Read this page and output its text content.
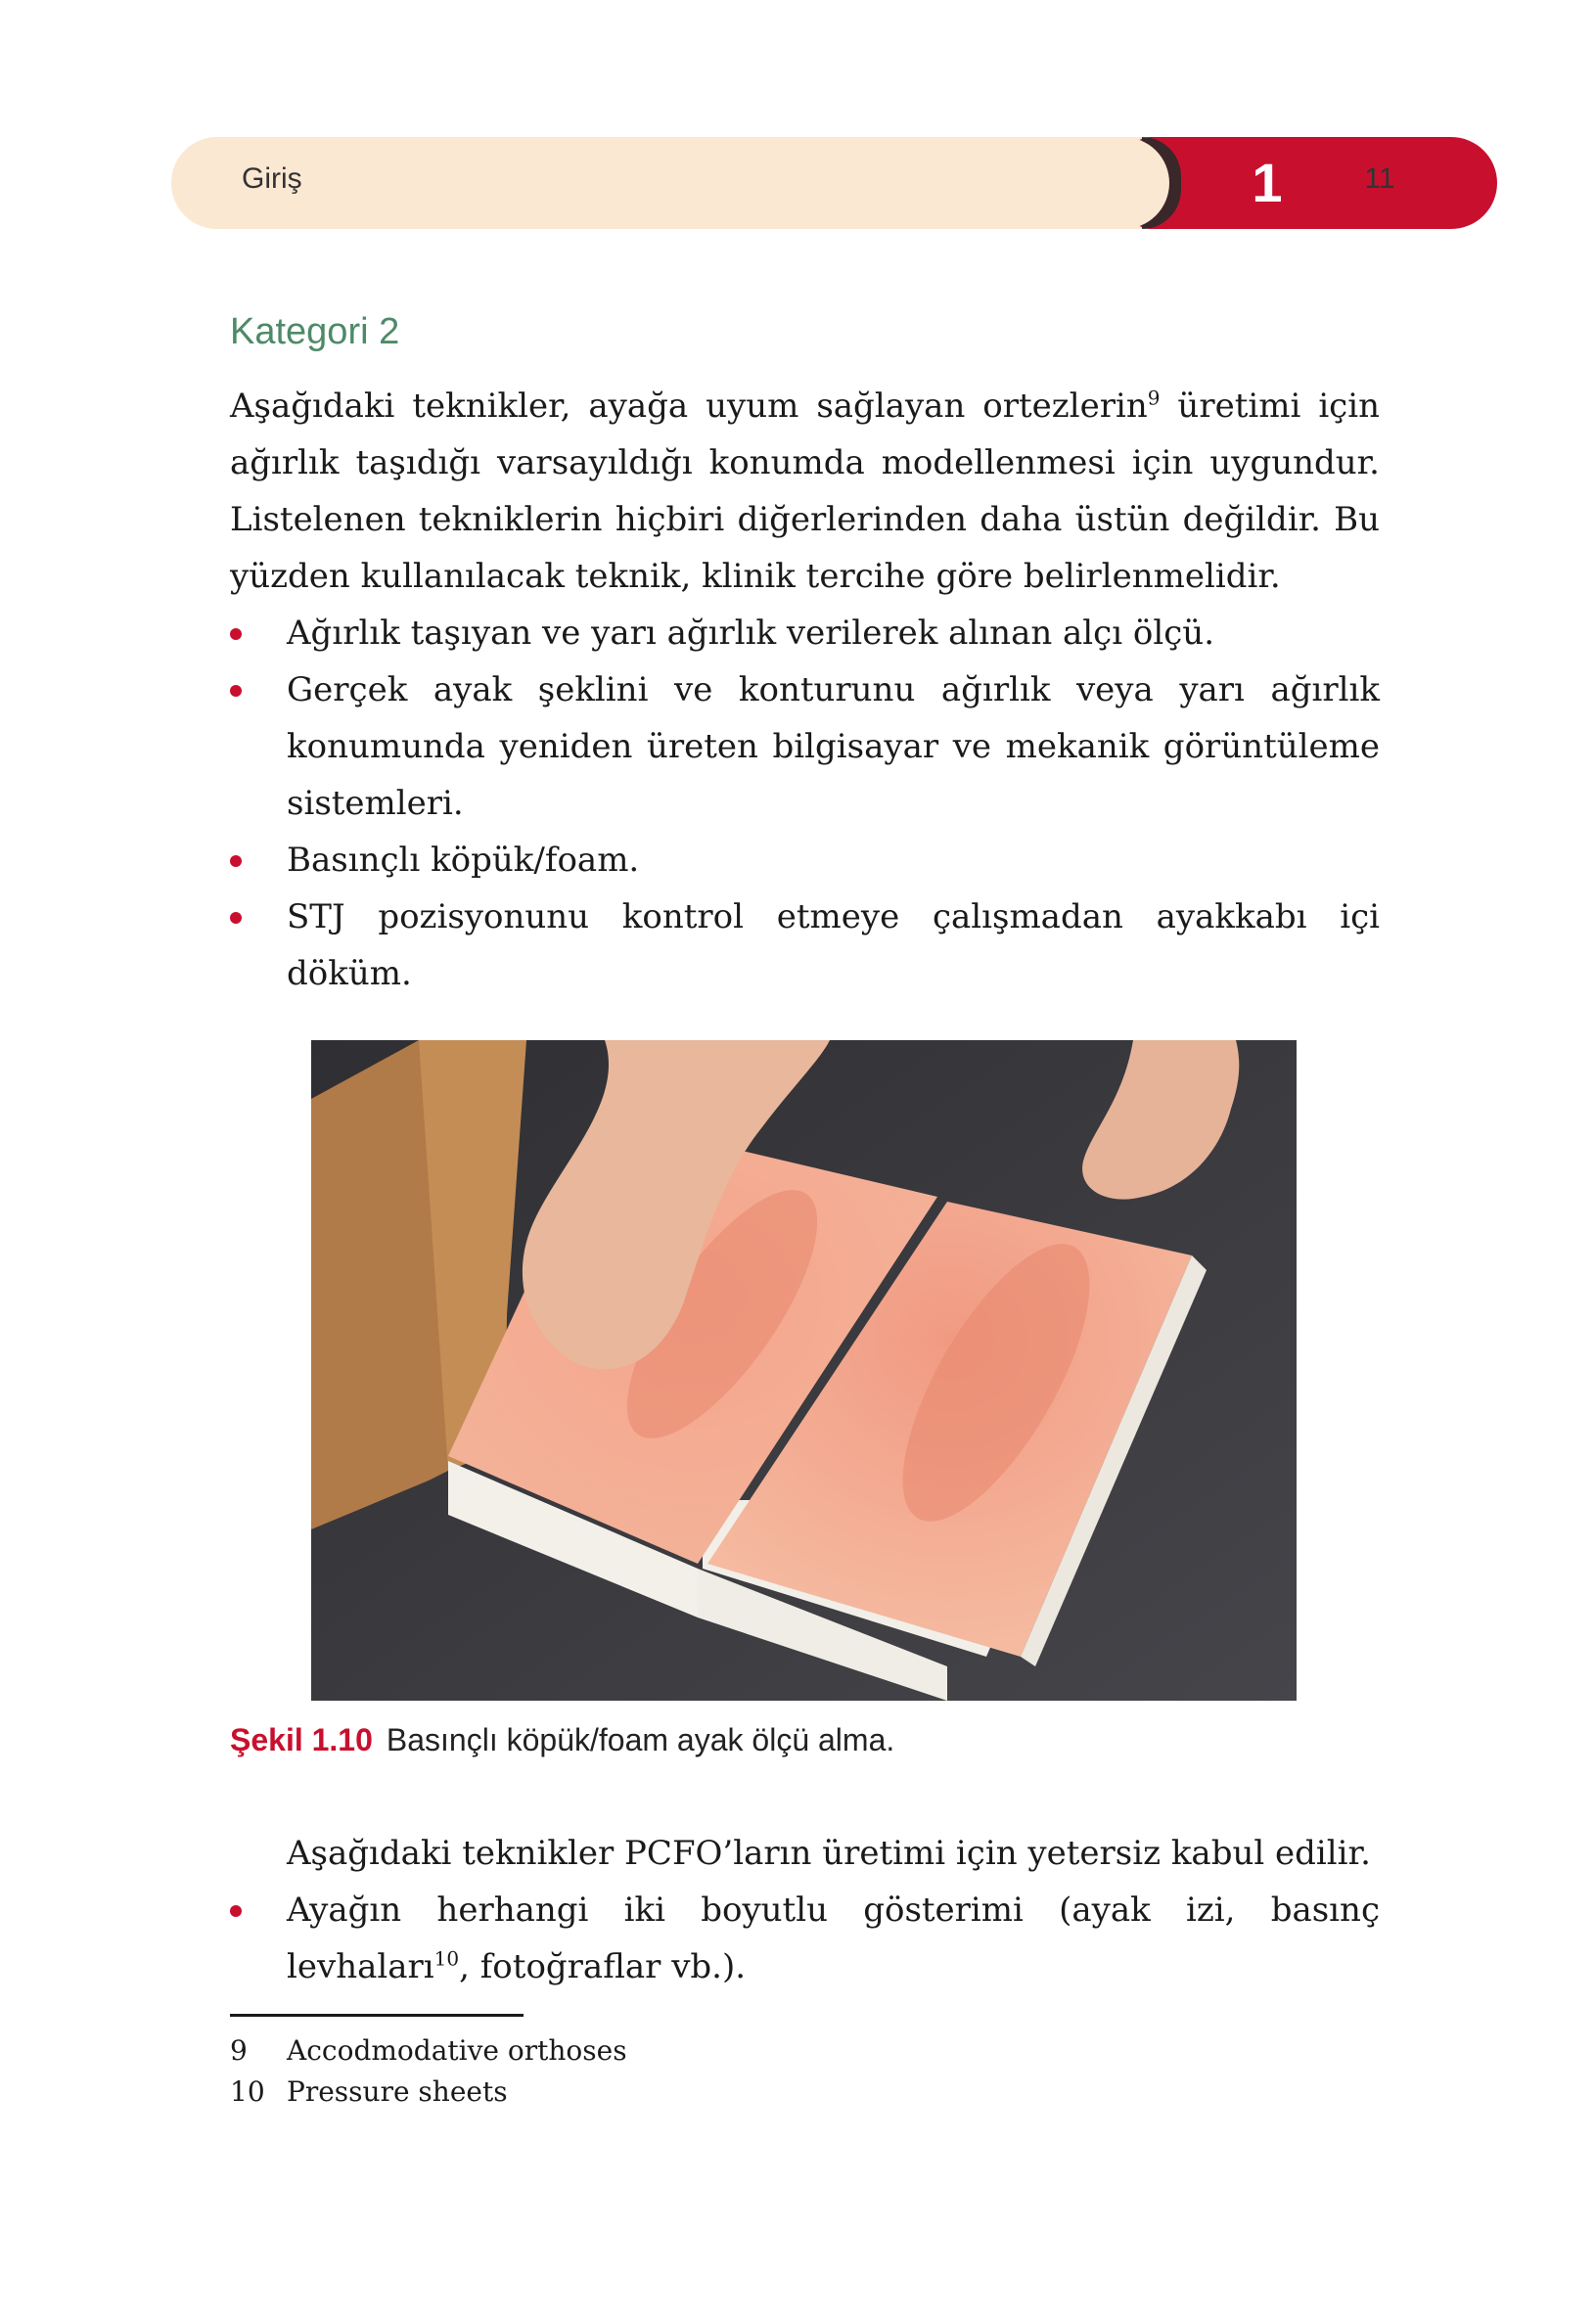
Giriş	1	11
Kategori 2

Aşağıdaki teknikler, ayağa uyum sağlayan ortezlerin$^9$ üretimi için ağırlık taşıdığı varsayıldığı konumda modellenmesi için uygundur. Listelenen tekniklerin hiçbiri diğerlerinden daha üstün değildir. Bu yüzden kullanılacak teknik, klinik tercihe göre belirlenmelidir.

Ağırlık taşıyan ve yarı ağırlık verilerek alınan alçı ölçü.
Gerçek ayak şeklini ve konturunu ağırlık veya yarı ağırlık konumunda yeniden üreten bilgisayar ve mekanik görüntüleme sistemleri.
Basınçlı köpük/foam.
STJ pozisyonunu kontrol etmeye çalışmadan ayakkabı içi döküm.
Şekil 1.10 Basınçlı köpük/foam ayak ölçü alma.
Aşağıdaki teknikler PCFO’ların üretimi için yetersiz kabul edilir.
Ayağın herhangi iki boyutlu gösterimi (ayak izi, basınç levhaları$^{10}$, fotoğraflar vb.).
9	Accodmodative orthoses
10 Pressure sheets
